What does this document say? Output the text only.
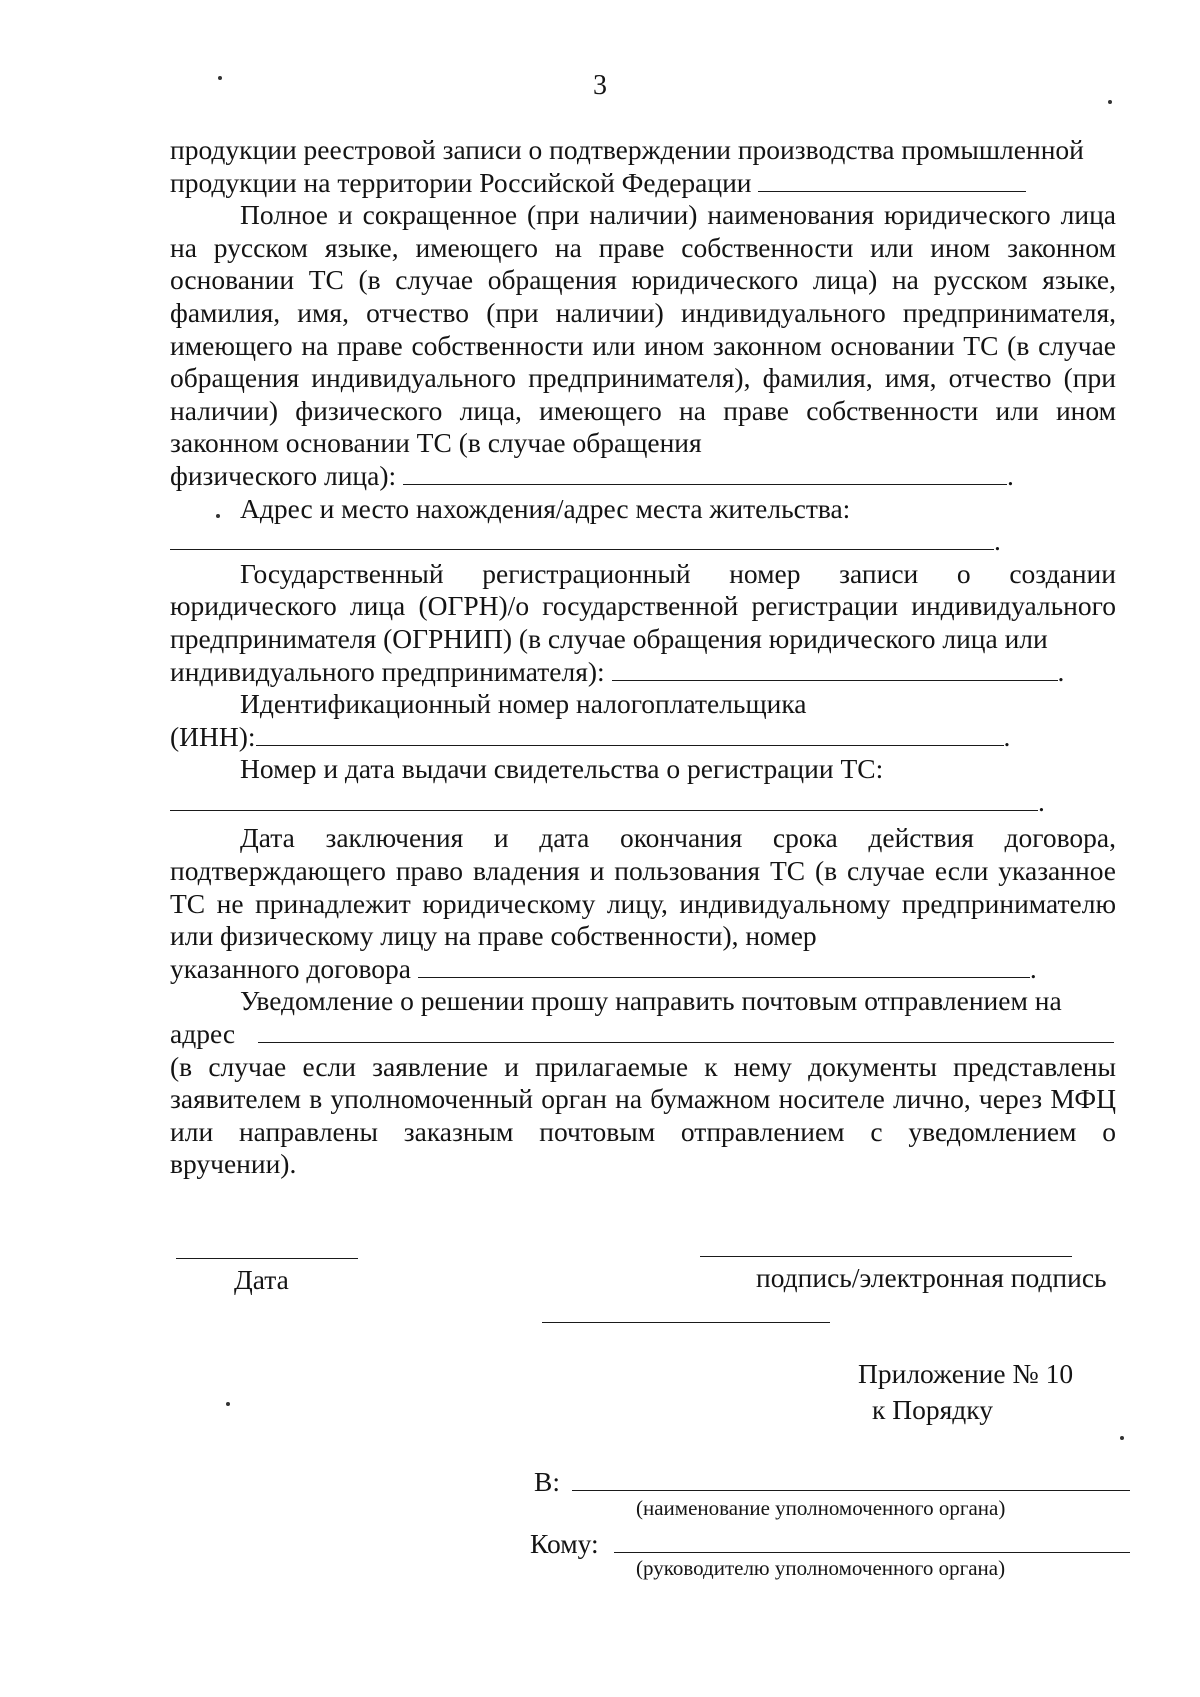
3

продукции реестровой записи о подтверждении производства промышленной

продукции на территории Российской Федерации

Полное и сокращенное (при наличии) наименования юридического лица на русском языке, имеющего на праве собственности или ином законном основании ТС (в случае обращения юридического лица) на русском языке, фамилия, имя, отчество (при наличии) индивидуального предпринимателя, имеющего на праве собственности или ином законном основании ТС (в случае обращения индивидуального предпринимателя), фамилия, имя, отчество (при наличии) физического лица, имеющего на праве собственности или ином законном основании ТС (в случае обращения

физического лица):	.

Адрес и место нахождения/адрес места жительства:

.

Государственный регистрационный номер записи о создании юридического лица (ОГРН)/о государственной регистрации индивидуального предпринимателя (ОГРНИП) (в случае обращения юридического лица или

индивидуального предпринимателя):	.

Идентификационный номер налогоплательщика

(ИНН):	.

Номер и дата выдачи свидетельства о регистрации ТС:

.

Дата заключения и дата окончания срока действия договора, подтверждающего право владения и пользования ТС (в случае если указанное ТС не принадлежит юридическому лицу, индивидуальному предпринимателю или физическому лицу на праве собственности), номер

указанного договора	.

Уведомление о решении прошу направить почтовым отправлением на

адрес

(в случае если заявление и прилагаемые к нему документы представлены заявителем в уполномоченный орган на бумажном носителе лично, через МФЦ или направлены заказным почтовым отправлением с уведомлением о вручении).

Дата	подпись/электронная подпись
Приложение № 10
к Порядку
В:
(наименование уполномоченного органа)
Кому:
(руководителю уполномоченного органа)
